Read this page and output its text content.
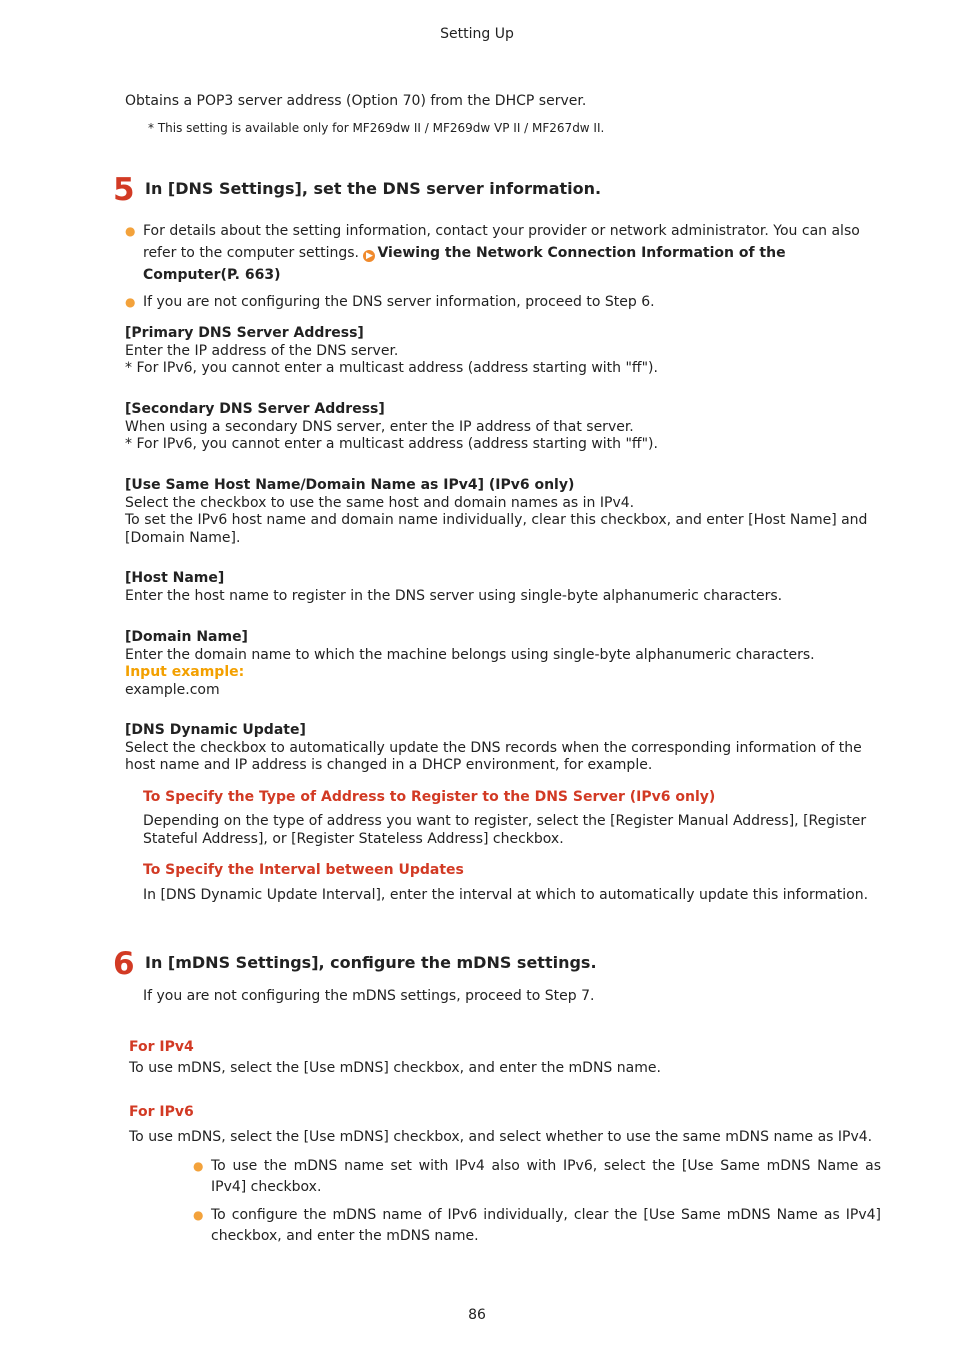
Setting Up
Obtains a POP3 server address (Option 70) from the DHCP server.
* This setting is available only for MF269dw II / MF269dw VP II / MF267dw II.
5 In [DNS Settings], set the DNS server information.
● For details about the setting information, contact your provider or network administrator. You can also refer to the computer settings. ▶ Viewing the Network Connection Information of the Computer(P. 663)
● If you are not configuring the DNS server information, proceed to Step 6.
[Primary DNS Server Address]
Enter the IP address of the DNS server.
* For IPv6, you cannot enter a multicast address (address starting with "ff").
[Secondary DNS Server Address]
When using a secondary DNS server, enter the IP address of that server.
* For IPv6, you cannot enter a multicast address (address starting with "ff").
[Use Same Host Name/Domain Name as IPv4] (IPv6 only)
Select the checkbox to use the same host and domain names as in IPv4.
To set the IPv6 host name and domain name individually, clear this checkbox, and enter [Host Name] and [Domain Name].
[Host Name]
Enter the host name to register in the DNS server using single-byte alphanumeric characters.
[Domain Name]
Enter the domain name to which the machine belongs using single-byte alphanumeric characters.
Input example:
example.com
[DNS Dynamic Update]
Select the checkbox to automatically update the DNS records when the corresponding information of the host name and IP address is changed in a DHCP environment, for example.
To Specify the Type of Address to Register to the DNS Server (IPv6 only)
Depending on the type of address you want to register, select the [Register Manual Address], [Register Stateful Address], or [Register Stateless Address] checkbox.
To Specify the Interval between Updates
In [DNS Dynamic Update Interval], enter the interval at which to automatically update this information.
6 In [mDNS Settings], configure the mDNS settings.
If you are not configuring the mDNS settings, proceed to Step 7.
For IPv4
To use mDNS, select the [Use mDNS] checkbox, and enter the mDNS name.
For IPv6
To use mDNS, select the [Use mDNS] checkbox, and select whether to use the same mDNS name as IPv4.
● To use the mDNS name set with IPv4 also with IPv6, select the [Use Same mDNS Name as IPv4] checkbox.
● To configure the mDNS name of IPv6 individually, clear the [Use Same mDNS Name as IPv4] checkbox, and enter the mDNS name.
86
